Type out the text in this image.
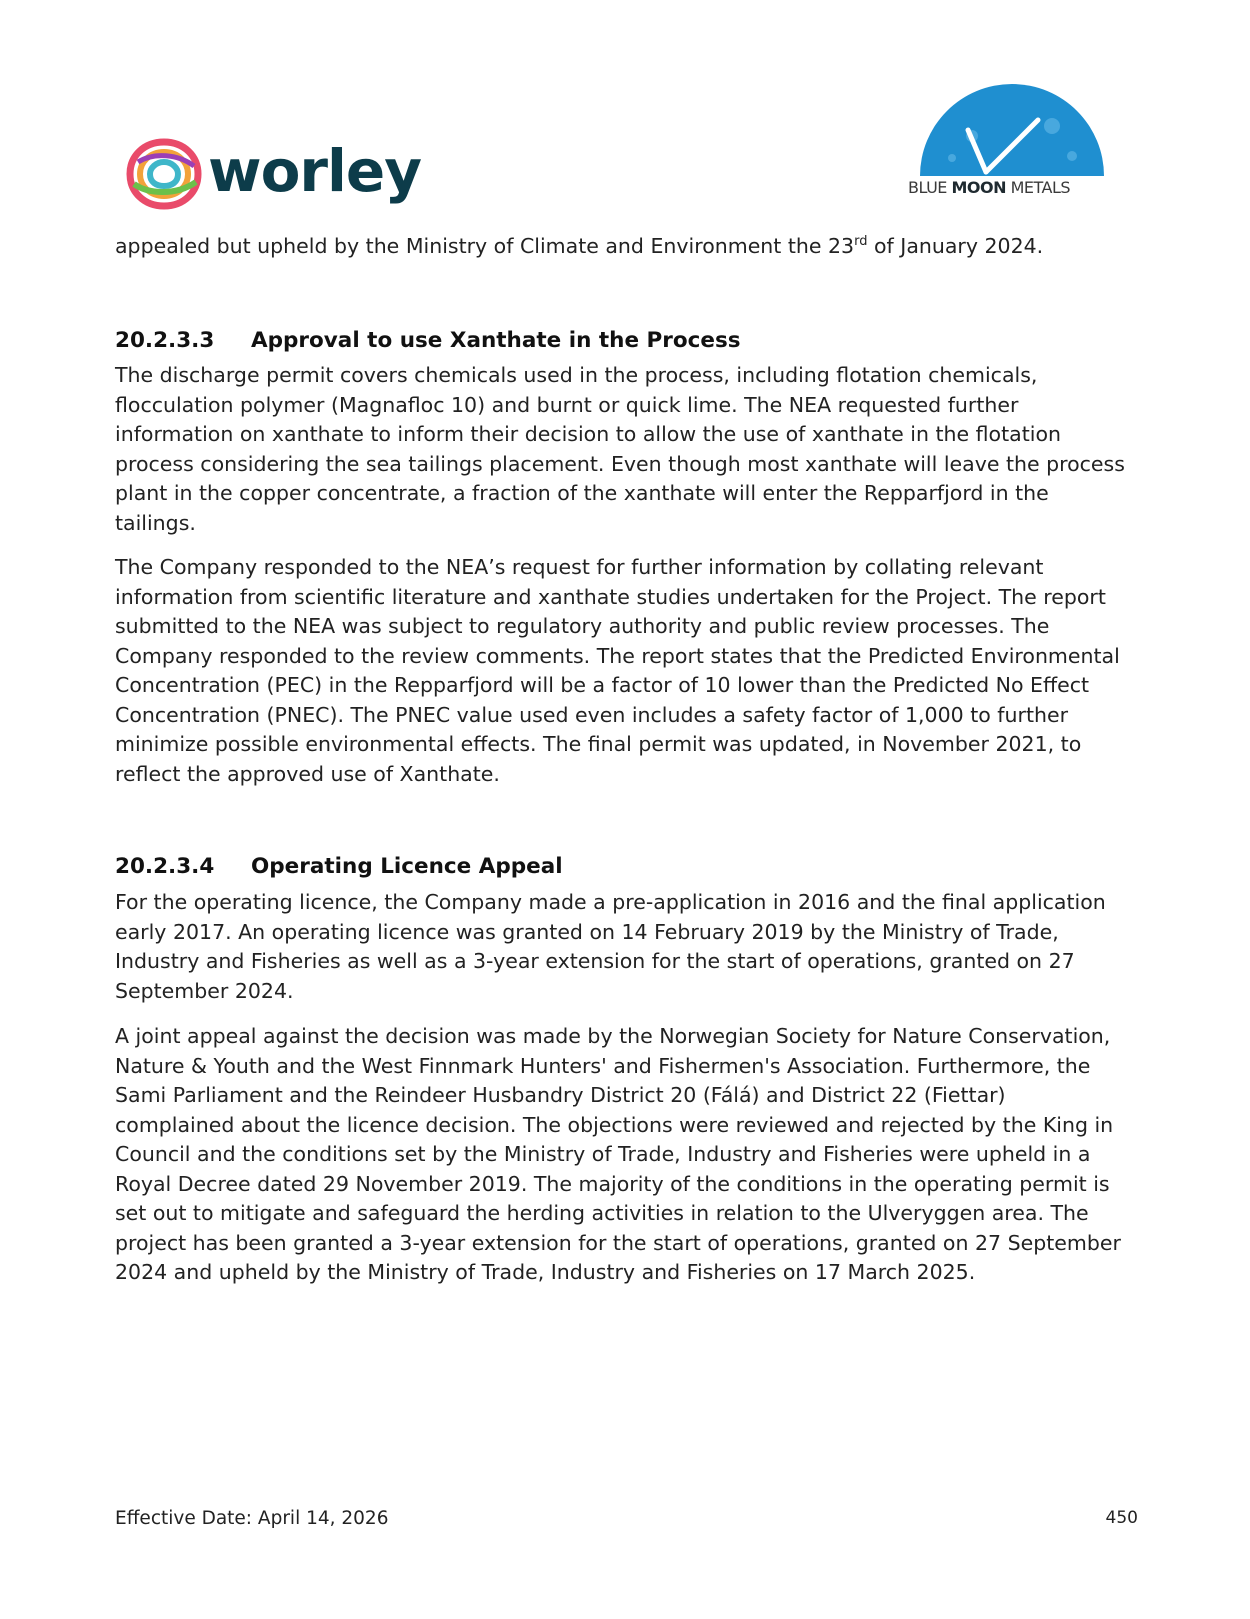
worley	BLUE MOON METALS

appealed but upheld by the Ministry of Climate and Environment the 23rd of January 2024.

20.2.3.3 Approval to use Xanthate in the Process

The discharge permit covers chemicals used in the process, including flotation chemicals, flocculation polymer (Magnafloc 10) and burnt or quick lime. The NEA requested further information on xanthate to inform their decision to allow the use of xanthate in the flotation process considering the sea tailings placement. Even though most xanthate will leave the process plant in the copper concentrate, a fraction of the xanthate will enter the Repparfjord in the tailings.

The Company responded to the NEA’s request for further information by collating relevant information from scientific literature and xanthate studies undertaken for the Project. The report submitted to the NEA was subject to regulatory authority and public review processes. The Company responded to the review comments. The report states that the Predicted Environmental Concentration (PEC) in the Repparfjord will be a factor of 10 lower than the Predicted No Effect Concentration (PNEC). The PNEC value used even includes a safety factor of 1,000 to further minimize possible environmental effects. The final permit was updated, in November 2021, to reflect the approved use of Xanthate.

20.2.3.4 Operating Licence Appeal

For the operating licence, the Company made a pre-application in 2016 and the final application early 2017. An operating licence was granted on 14 February 2019 by the Ministry of Trade, Industry and Fisheries as well as a 3-year extension for the start of operations, granted on 27 September 2024.

A joint appeal against the decision was made by the Norwegian Society for Nature Conservation, Nature & Youth and the West Finnmark Hunters' and Fishermen's Association. Furthermore, the Sami Parliament and the Reindeer Husbandry District 20 (Fálá) and District 22 (Fiettar) complained about the licence decision. The objections were reviewed and rejected by the King in Council and the conditions set by the Ministry of Trade, Industry and Fisheries were upheld in a Royal Decree dated 29 November 2019. The majority of the conditions in the operating permit is set out to mitigate and safeguard the herding activities in relation to the Ulveryggen area. The project has been granted a 3-year extension for the start of operations, granted on 27 September 2024 and upheld by the Ministry of Trade, Industry and Fisheries on 17 March 2025.

Effective Date: April 14, 2026	450
